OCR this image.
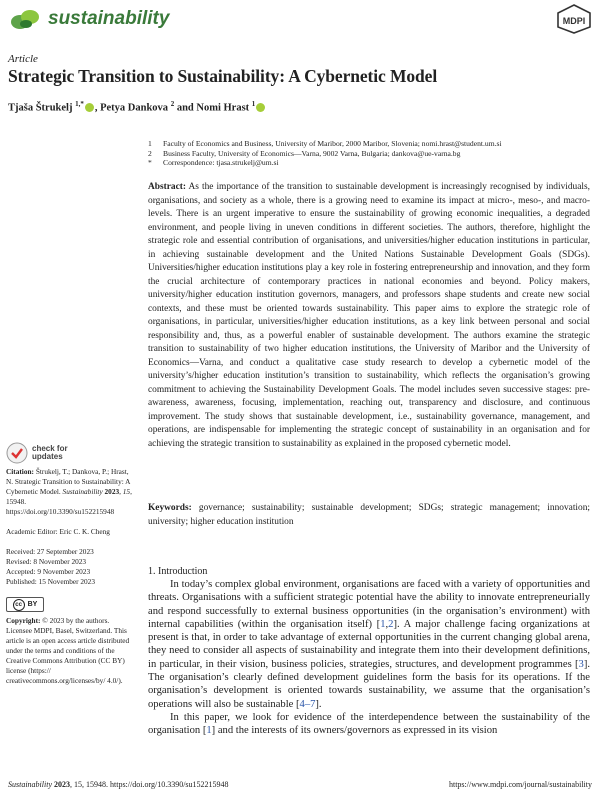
sustainability	MDPI
Article
Strategic Transition to Sustainability: A Cybernetic Model
Tjaša Štrukelj $^{1,*}$ , Petya Dankova $^2$ and Nomi Hrast $^1$
1	Faculty of Economics and Business, University of Maribor, 2000 Maribor, Slovenia; nomi.hrast@student.um.si
2	Business Faculty, University of Economics—Varna, 9002 Varna, Bulgaria; dankova@ue-varna.bg
*	Correspondence: tjasa.strukelj@um.si

Abstract: As the importance of the transition to sustainable development is increasingly recognised by individuals, organisations, and society as a whole, there is a growing need to examine its impact at micro-, meso-, and macro-levels. There is an urgent imperative to ensure the sustainability of growing economic inequalities, a degraded environment, and people living in uneven conditions in different societies. The authors, therefore, highlight the strategic role and essential contribution of organisations, and universities/higher education institutions in particular, in achieving sustainable development and the United Nations Sustainable Development Goals (SDGs). Universities/higher education institutions play a key role in fostering entrepreneurship and innovation, and they form the crucial architecture of contemporary practices in national economies and beyond. Policy makers, university/higher education institution governors, managers, and professors shape students and create new social contexts, and these must be oriented towards sustainability. This paper aims to explore the strategic role of organisations, in particular, universities/higher education institutions, as a key link between personal and social responsibility and, thus, as a powerful enabler of sustainable development. The authors examine the strategic transition to sustainability of two higher education institutions, the University of Maribor and the University of Economics—Varna, and conduct a qualitative case study research to develop a cybernetic model of the university’s/higher education institution’s transition to sustainability, which reflects the organisation’s growing commitment to achieving the Sustainability Development Goals. The model includes seven successive stages: pre-awareness, awareness, focusing, implementation, reaching out, transparency and disclosure, and continuous improvement. The study shows that sustainable development, i.e., sustainability governance, management, and operations, are indispensable for implementing the strategic concept of sustainability in an organisation and for achieving the strategic transition to sustainability as explained in the proposed cybernetic model.

Keywords: governance; sustainability; sustainable development; SDGs; strategic management; innovation; university; higher education institution

check for
updates
Citation: Štrukelj, T.; Dankova, P.; Hrast, N. Strategic Transition to Sustainability: A Cybernetic Model. Sustainability 2023, 15, 15948. https://doi.org/10.3390/su152215948
Academic Editor: Eric C. K. Cheng
Received: 27 September 2023
Revised: 8 November 2023
Accepted: 9 November 2023
Published: 15 November 2023
cc BY
Copyright: © 2023 by the authors. Licensee MDPI, Basel, Switzerland. This article is an open access article distributed under the terms and conditions of the Creative Commons Attribution (CC BY) license (https:// creativecommons.org/licenses/by/ 4.0/).
1. Introduction

In today’s complex global environment, organisations are faced with a variety of opportunities and threats. Organisations with a sufficient strategic potential have the ability to innovate entrepreneurially and respond successfully to external business opportunities (in the organisation’s environment) with internal capabilities (within the organisation itself) [1,2]. A major challenge facing organizations at present is that, in order to take advantage of external opportunities in the current changing global arena, they need to consider all aspects of sustainability and integrate them into their development definitions, in particular, in their vision, business policies, strategies, structures, and development programmes [3]. The organisation’s clearly defined development guidelines form the basis for its operations. If the organisation’s development is oriented towards sustainability, we assume that the organisation’s operations will also be sustainable [4–7].

In this paper, we look for evidence of the interdependence between the sustainability of the organisation [1] and the interests of its owners/governors as expressed in its vision

Sustainability 2023, 15, 15948. https://doi.org/10.3390/su152215948	https://www.mdpi.com/journal/sustainability
